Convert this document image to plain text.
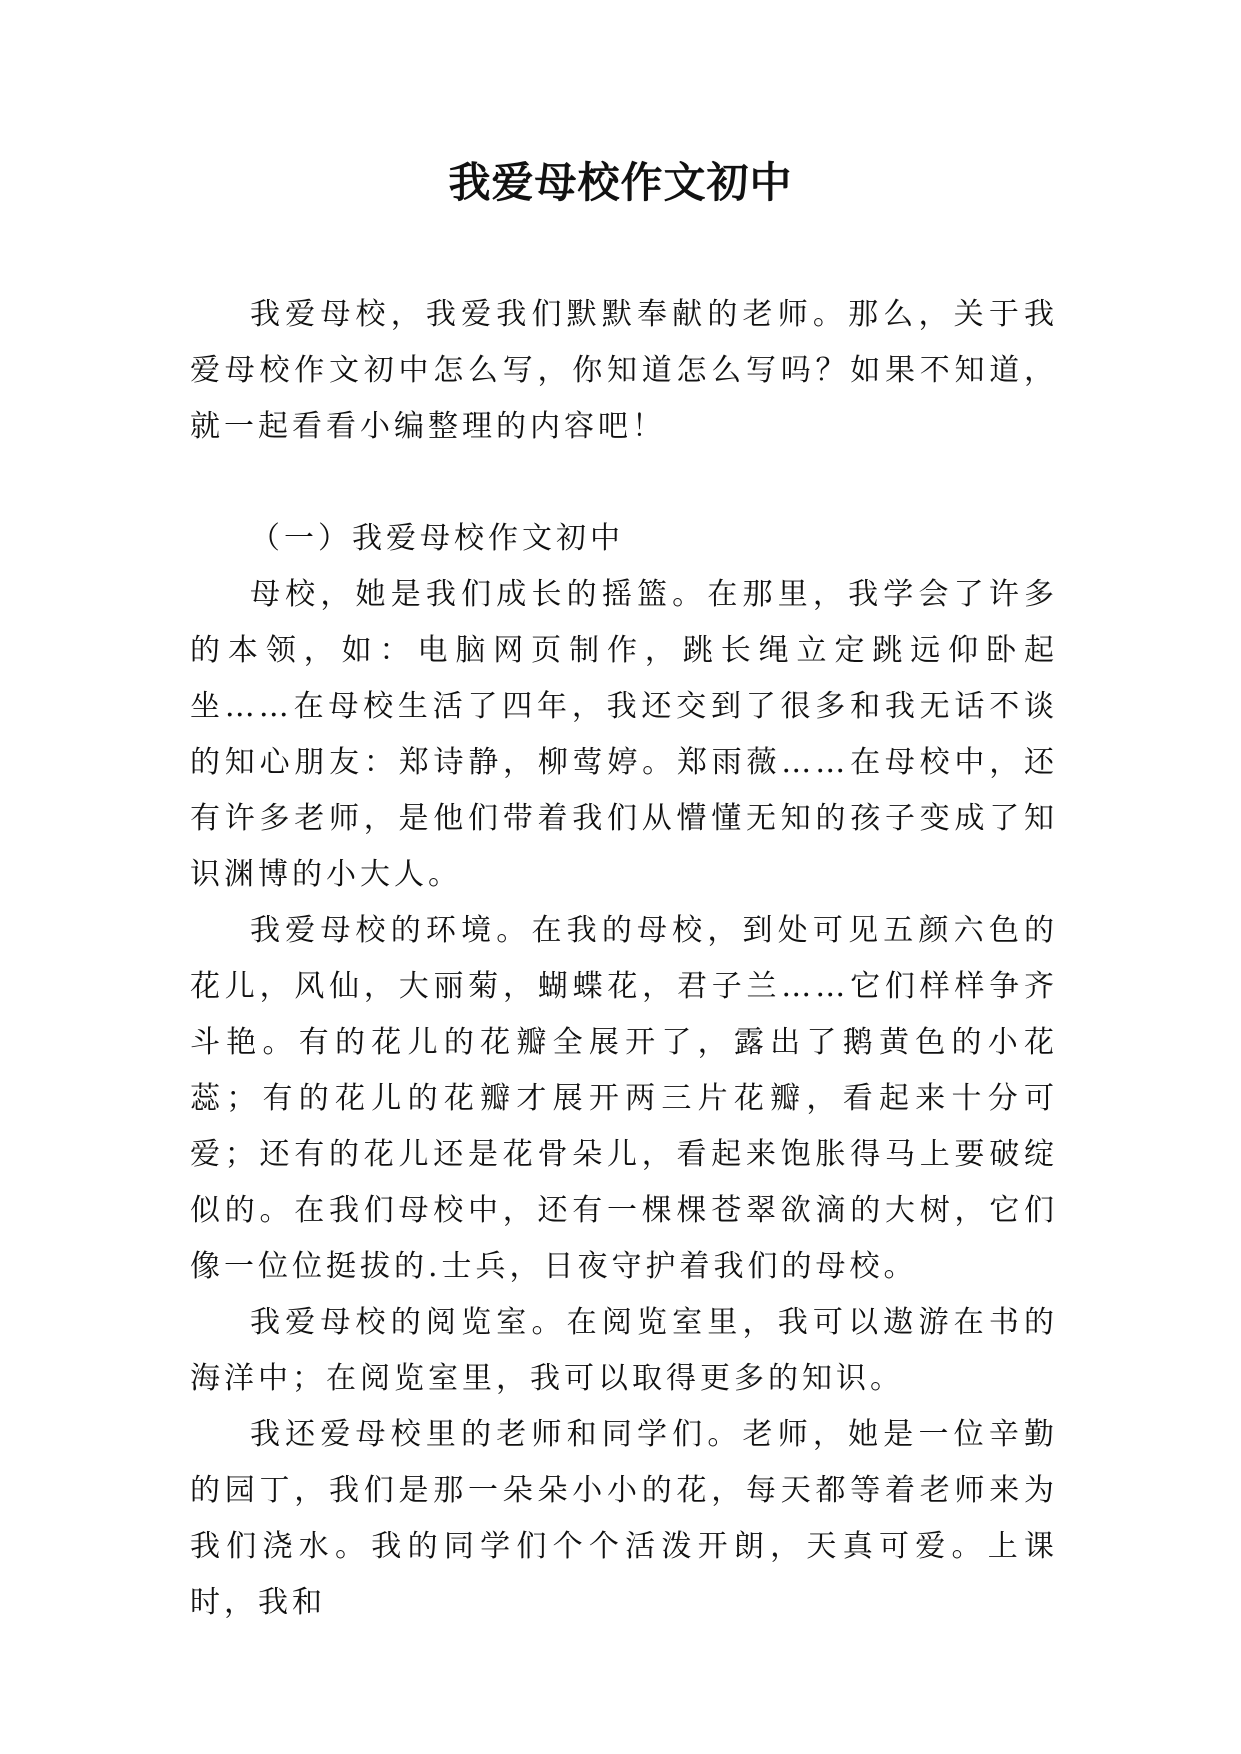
我爱母校作文初中

我爱母校，我爱我们默默奉献的老师。那么，关于我爱母校作文初中怎么写，你知道怎么写吗？如果不知道，就一起看看小编整理的内容吧！

（一）我爱母校作文初中

母校，她是我们成长的摇篮。在那里，我学会了许多的本领，如：电脑网页制作，跳长绳立定跳远仰卧起坐……在母校生活了四年，我还交到了很多和我无话不谈的知心朋友：郑诗静，柳莺婷。郑雨薇……在母校中，还有许多老师，是他们带着我们从懵懂无知的孩子变成了知识渊博的小大人。

我爱母校的环境。在我的母校，到处可见五颜六色的花儿，风仙，大丽菊，蝴蝶花，君子兰……它们样样争齐斗艳。有的花儿的花瓣全展开了，露出了鹅黄色的小花蕊；有的花儿的花瓣才展开两三片花瓣，看起来十分可爱；还有的花儿还是花骨朵儿，看起来饱胀得马上要破绽似的。在我们母校中，还有一棵棵苍翠欲滴的大树，它们像一位位挺拔的.士兵，日夜守护着我们的母校。

我爱母校的阅览室。在阅览室里，我可以遨游在书的海洋中；在阅览室里，我可以取得更多的知识。

我还爱母校里的老师和同学们。老师，她是一位辛勤的园丁，我们是那一朵朵小小的花，每天都等着老师来为我们浇水。我的同学们个个活泼开朗，天真可爱。上课时，我和
